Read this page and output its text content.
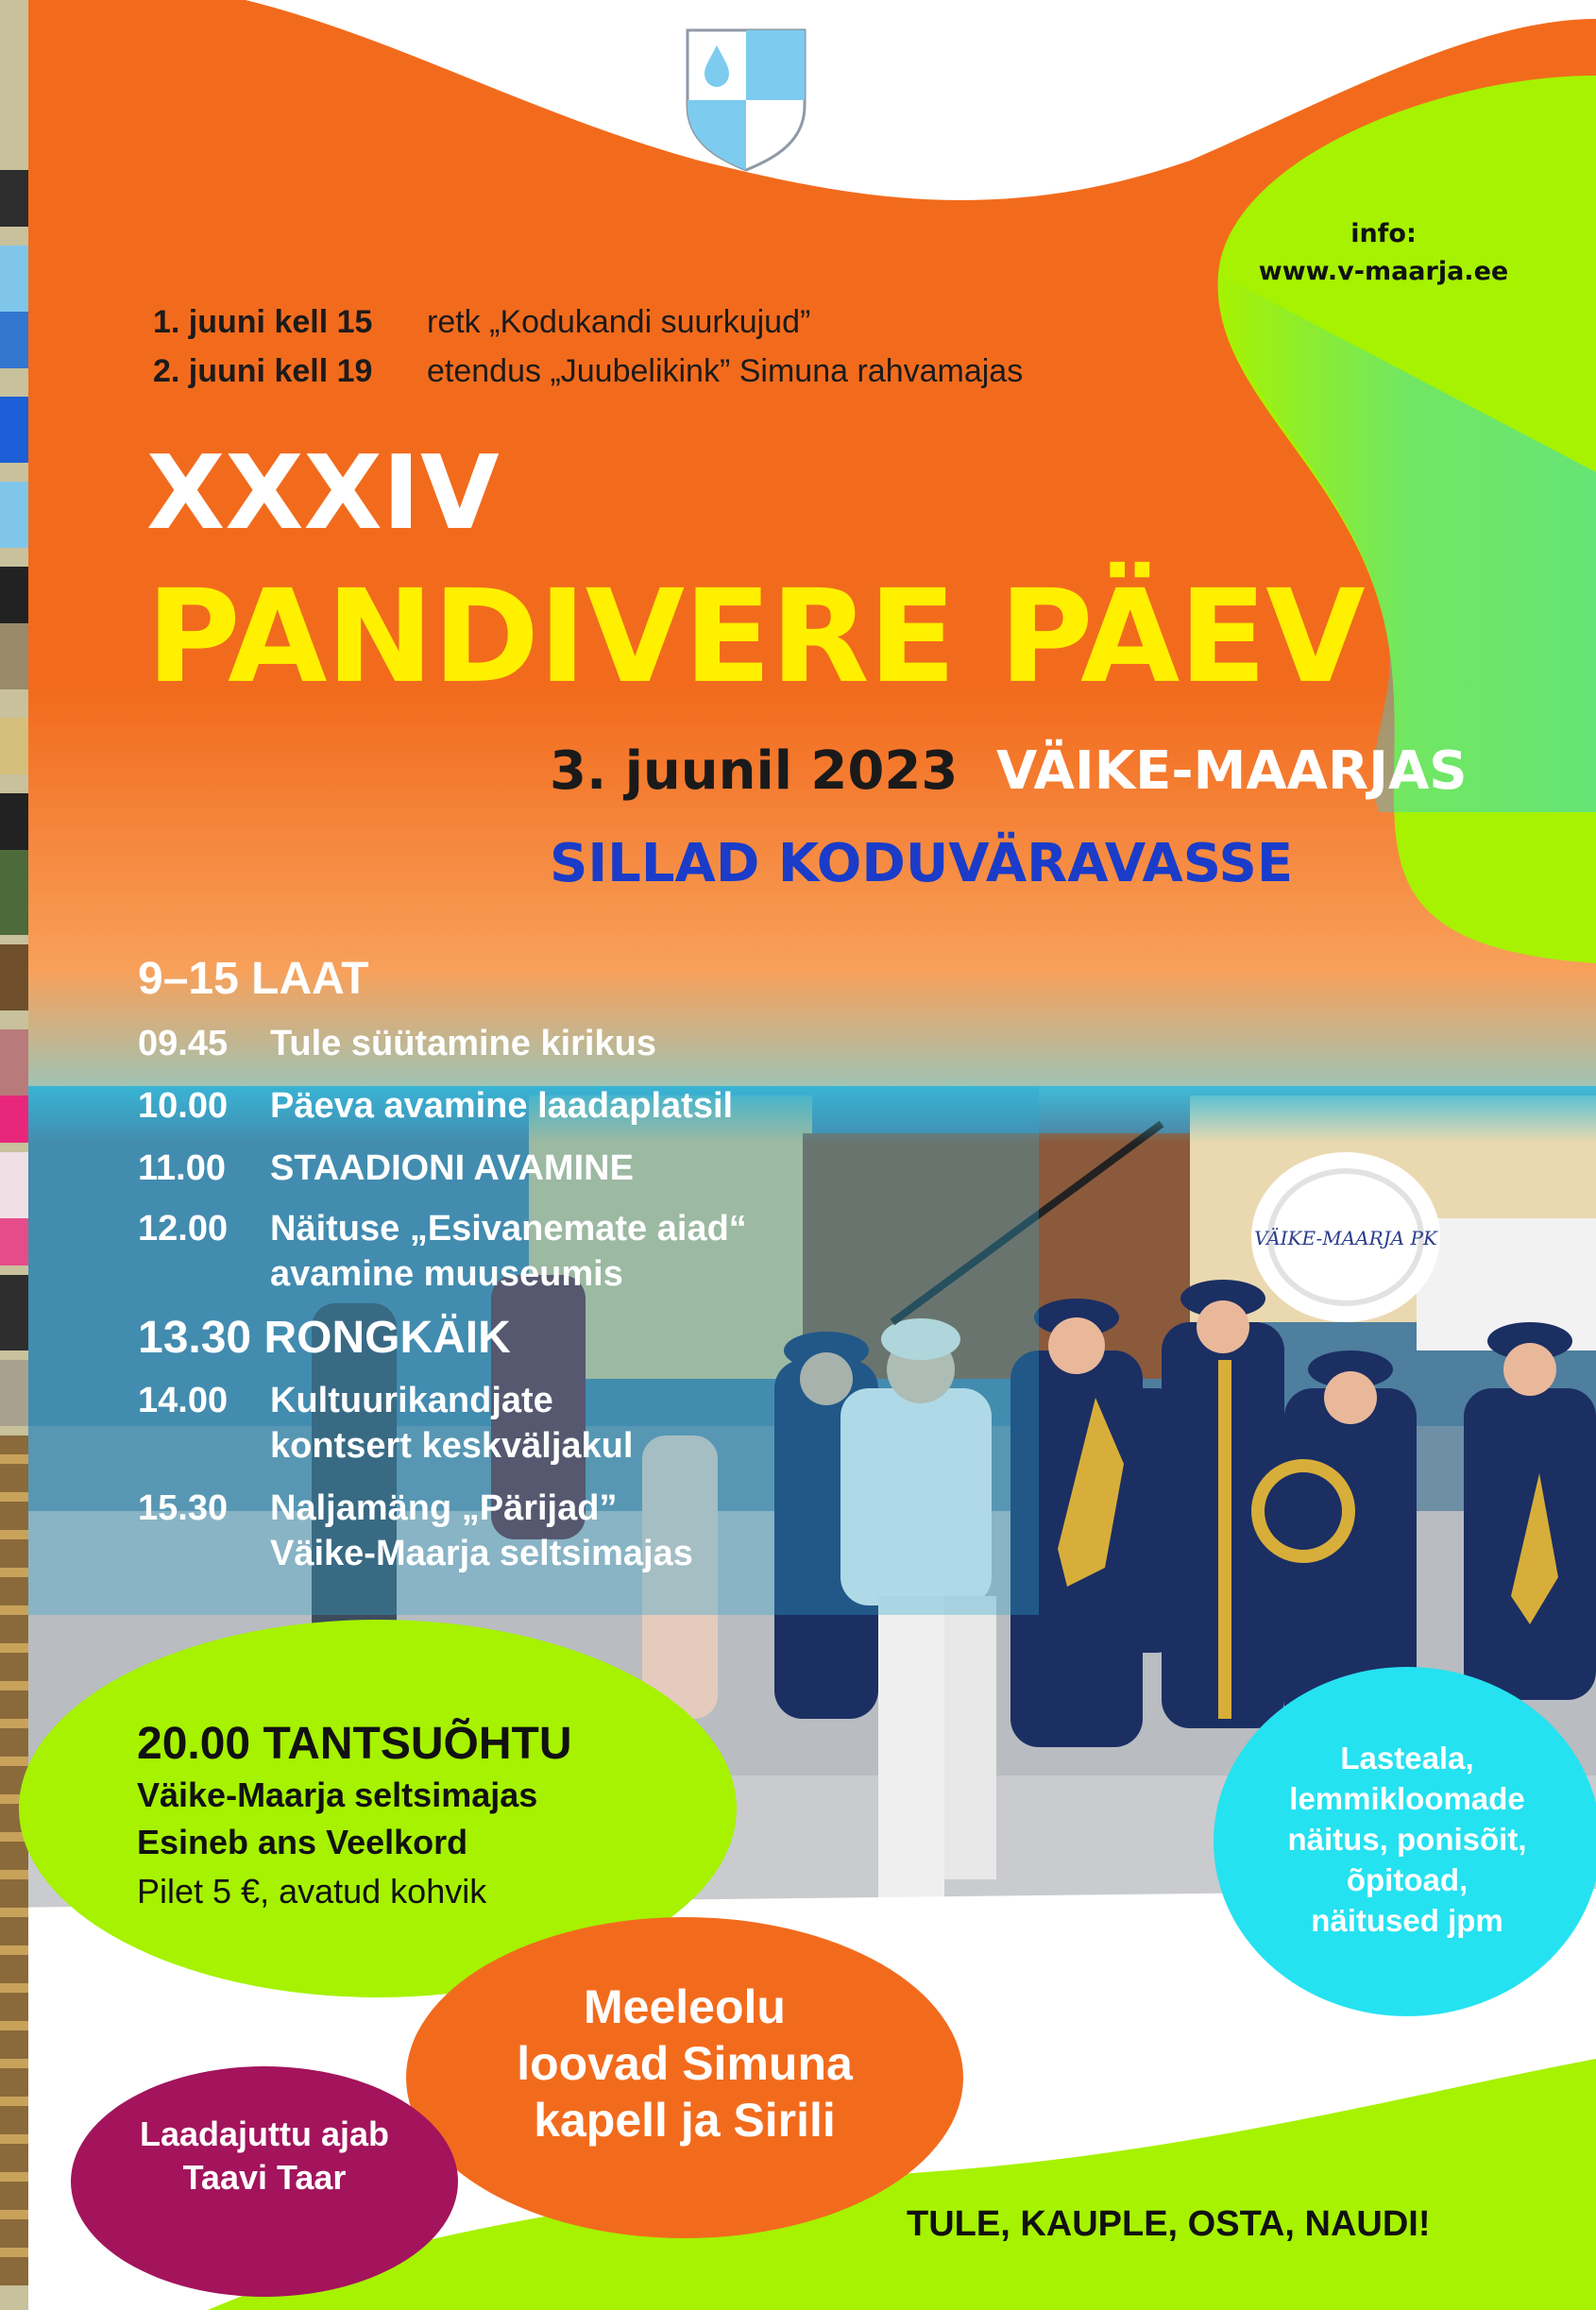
info:
www.v-maarja.ee
1. juuni kell 15 retk „Kodukandi suurkujud”
2. juuni kell 19 etendus „Juubelikink” Simuna rahvamajas
XXXIV
PANDIVERE PÄEV
3. juunil 2023 VÄIKE-MAARJAS
SILLAD KODUVÄRAVASSE
9–15 LAAT
09.45 Tule süütamine kirikus
10.00 Päeva avamine laadaplatsil
11.00 STAADIONI AVAMINE
12.00 Näituse „Esivanemate aiad“
avamine muuseumis
13.30 RONGKÄIK
14.00 Kultuurikandjate
kontsert keskväljakul
15.30 Naljamäng „Pärijad”
Väike-Maarja seltsimajas
20.00 TANTSUÕHTU
Väike-Maarja seltsimajas
Esineb ans Veelkord
Pilet 5 €, avatud kohvik
Lasteala,
lemmikloomade
näitus, ponisõit,
õpitoad,
näitused jpm
Meeleolu
loovad Simuna
kapell ja Sirili
Laadajuttu ajab
Taavi Taar
TULE, KAUPLE, OSTA, NAUDI!
